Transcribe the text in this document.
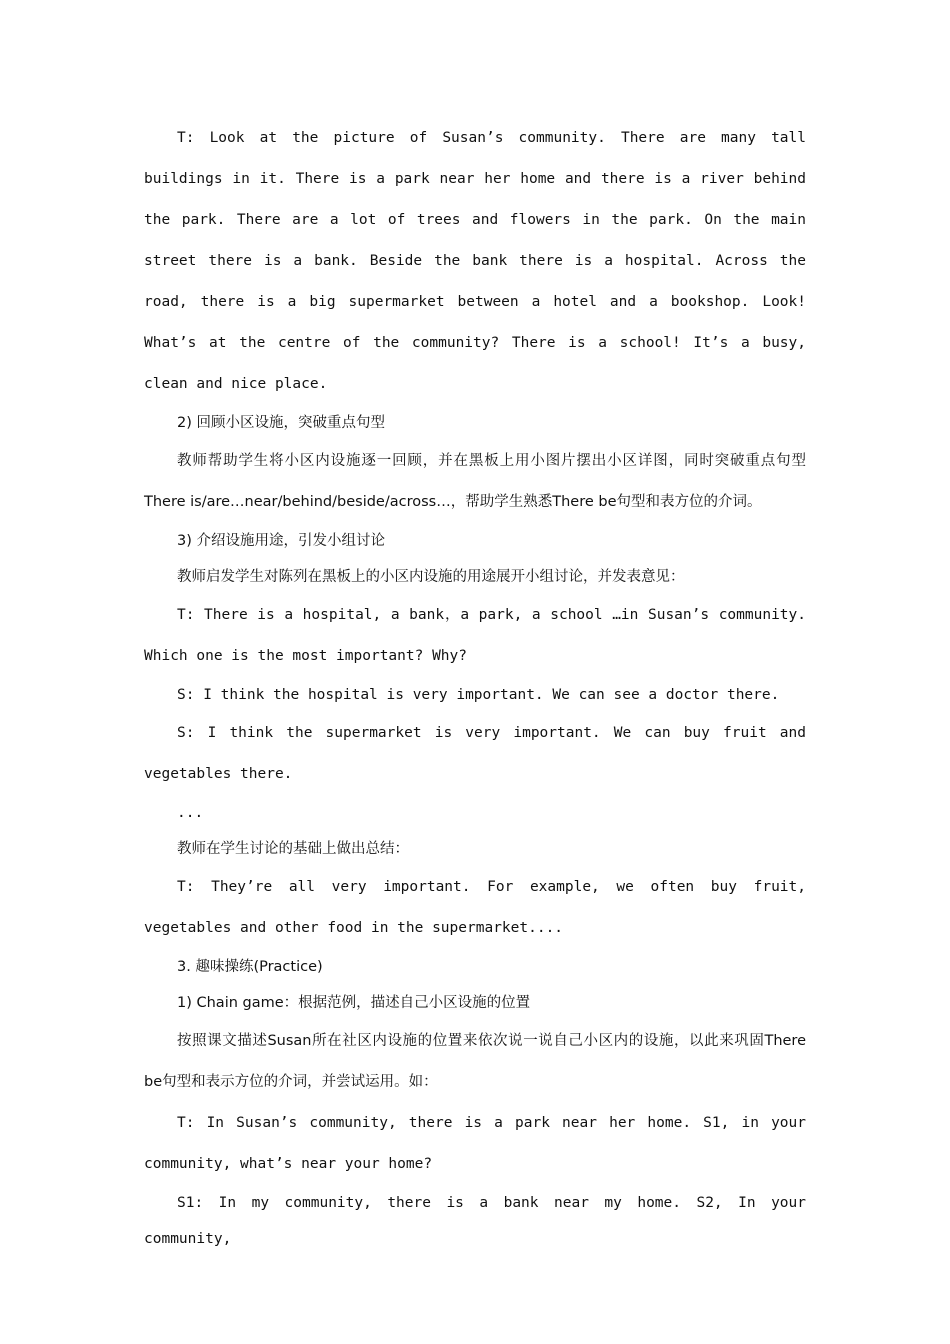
T: Look at the picture of Susan’s community. There are many tall buildings in it. There is a park near her home and there is a river behind the park. There are a lot of trees and flowers in the park. On the main street there is a bank. Beside the bank there is a hospital. Across the road, there is a big supermarket between a hotel and a bookshop. Look! What’s at the centre of the community? There is a school! It’s a busy, clean and nice place.

2) 回顾小区设施，突破重点句型

教师帮助学生将小区内设施逐一回顾，并在黑板上用小图片摆出小区详图，同时突破重点句型There is/are…near/behind/beside/across…，帮助学生熟悉There be句型和表方位的介词。

3) 介绍设施用途，引发小组讨论

教师启发学生对陈列在黑板上的小区内设施的用途展开小组讨论，并发表意见：

T: There is a hospital, a bank，a park, a school …in Susan’s community. Which one is the most important? Why?

S: I think the hospital is very important. We can see a doctor there.

S: I think the supermarket is very important. We can buy fruit and vegetables there.

...

教师在学生讨论的基础上做出总结：

T: They’re all very important. For example, we often buy fruit, vegetables and other food in the supermarket....

3. 趣味操练(Practice)

1) Chain game：根据范例，描述自己小区设施的位置

按照课文描述Susan所在社区内设施的位置来依次说一说自己小区内的设施，以此来巩固There be句型和表示方位的介词，并尝试运用。如：

T: In Susan’s community, there is a park near her home. S1, in your community, what’s near your home?

S1: In my community, there is a bank near my home. S2, In your community,
